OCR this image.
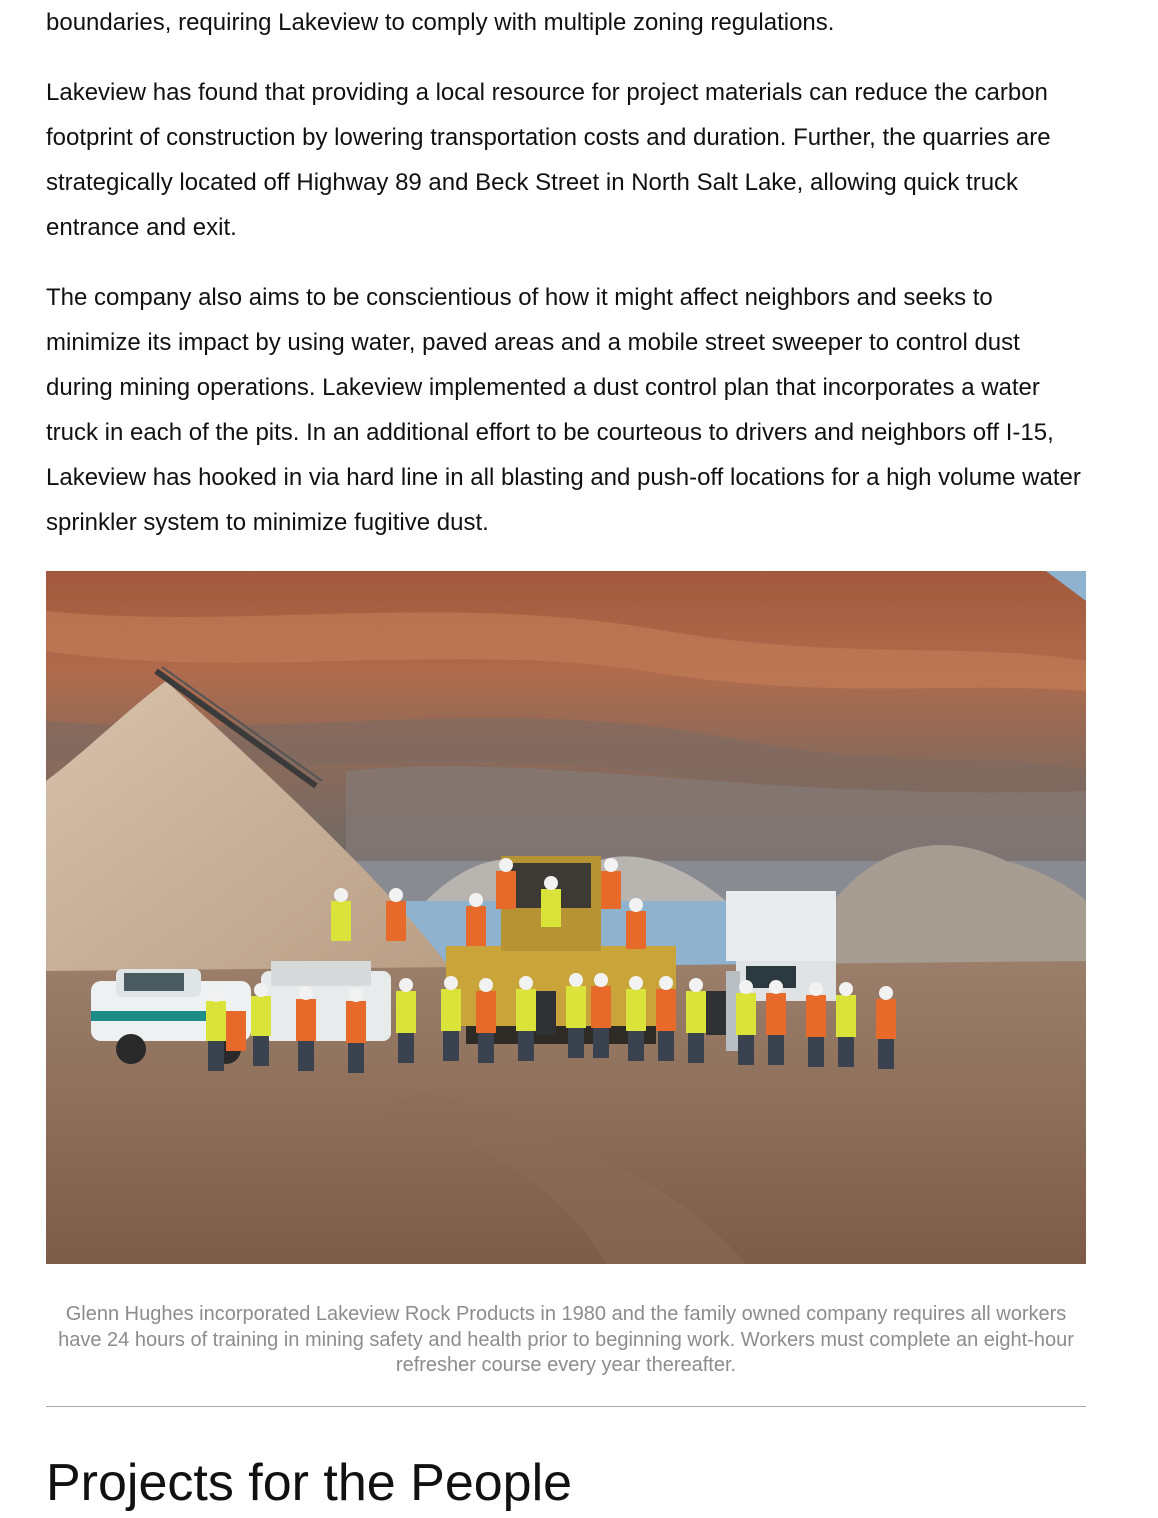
boundaries, requiring Lakeview to comply with multiple zoning regulations.

Lakeview has found that providing a local resource for project materials can reduce the carbon footprint of construction by lowering transportation costs and duration. Further, the quarries are strategically located off Highway 89 and Beck Street in North Salt Lake, allowing quick truck entrance and exit.

The company also aims to be conscientious of how it might affect neighbors and seeks to minimize its impact by using water, paved areas and a mobile street sweeper to control dust during mining operations. Lakeview implemented a dust control plan that incorporates a water truck in each of the pits. In an additional effort to be courteous to drivers and neighbors off I-15, Lakeview has hooked in via hard line in all blasting and push-off locations for a high volume water sprinkler system to minimize fugitive dust.

Glenn Hughes incorporated Lakeview Rock Products in 1980 and the family owned company requires all workers have 24 hours of training in mining safety and health prior to beginning work. Workers must complete an eight-hour refresher course every year thereafter.

Projects for the People
